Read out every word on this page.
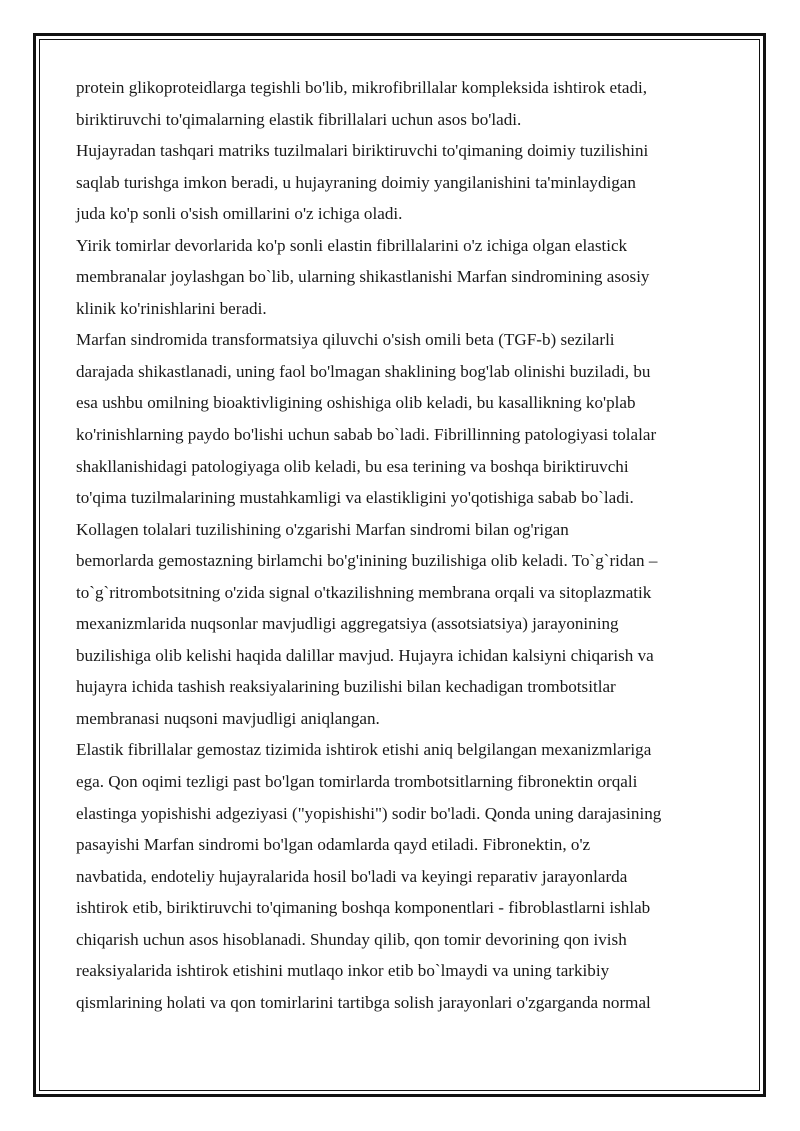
protein glikoproteidlarga tegishli bo'lib, mikrofibrillalar kompleksida ishtirok etadi,
biriktiruvchi to'qimalarning elastik fibrillalari uchun asos bo'ladi.
Hujayradan tashqari matriks tuzilmalari biriktiruvchi to'qimaning doimiy tuzilishini
saqlab turishga imkon beradi, u hujayraning doimiy yangilanishini ta'minlaydigan
juda ko'p sonli o'sish omillarini o'z ichiga oladi.
Yirik tomirlar devorlarida ko'p sonli elastin fibrillalarini o'z ichiga olgan elastick
membranalar joylashgan bo`lib, ularning shikastlanishi Marfan sindromining asosiy
klinik ko'rinishlarini beradi.
Marfan sindromida transformatsiya qiluvchi o'sish omili beta (TGF-b) sezilarli
darajada shikastlanadi, uning faol bo'lmagan shaklining bog'lab olinishi buziladi, bu
esa ushbu omilning bioaktivligining oshishiga olib keladi, bu kasallikning ko'plab
ko'rinishlarning paydo bo'lishi uchun sabab bo`ladi. Fibrillinning patologiyasi tolalar
shakllanishidagi patologiyaga olib keladi, bu esa terining va boshqa biriktiruvchi
to'qima tuzilmalarining mustahkamligi va elastikligini yo'qotishiga sabab bo`ladi.
Kollagen tolalari tuzilishining o'zgarishi Marfan sindromi bilan og'rigan
bemorlarda gemostazning birlamchi bo'g'inining buzilishiga olib keladi. To`g`ridan –
to`g`ritrombotsitning o'zida signal o'tkazilishning membrana orqali va sitoplazmatik
mexanizmlarida nuqsonlar mavjudligi aggregatsiya (assotsiatsiya) jarayonining
buzilishiga olib kelishi haqida dalillar mavjud. Hujayra ichidan kalsiyni chiqarish va
hujayra ichida tashish reaksiyalarining buzilishi bilan kechadigan trombotsitlar
membranasi nuqsoni mavjudligi aniqlangan.
Elastik fibrillalar gemostaz tizimida ishtirok etishi aniq belgilangan mexanizmlariga
ega. Qon oqimi tezligi past bo'lgan tomirlarda trombotsitlarning fibronektin orqali
elastinga yopishishi adgeziyasi ("yopishishi") sodir bo'ladi. Qonda uning darajasining
pasayishi Marfan sindromi bo'lgan odamlarda qayd etiladi. Fibronektin, o'z
navbatida, endoteliy hujayralarida hosil bo'ladi va keyingi reparativ jarayonlarda
ishtirok etib, biriktiruvchi to'qimaning boshqa komponentlari - fibroblastlarni ishlab
chiqarish uchun asos hisoblanadi. Shunday qilib, qon tomir devorining qon ivish
reaksiyalarida ishtirok etishini mutlaqo inkor etib bo`lmaydi va uning tarkibiy
qismlarining holati va qon tomirlarini tartibga solish jarayonlari o'zgarganda normal
